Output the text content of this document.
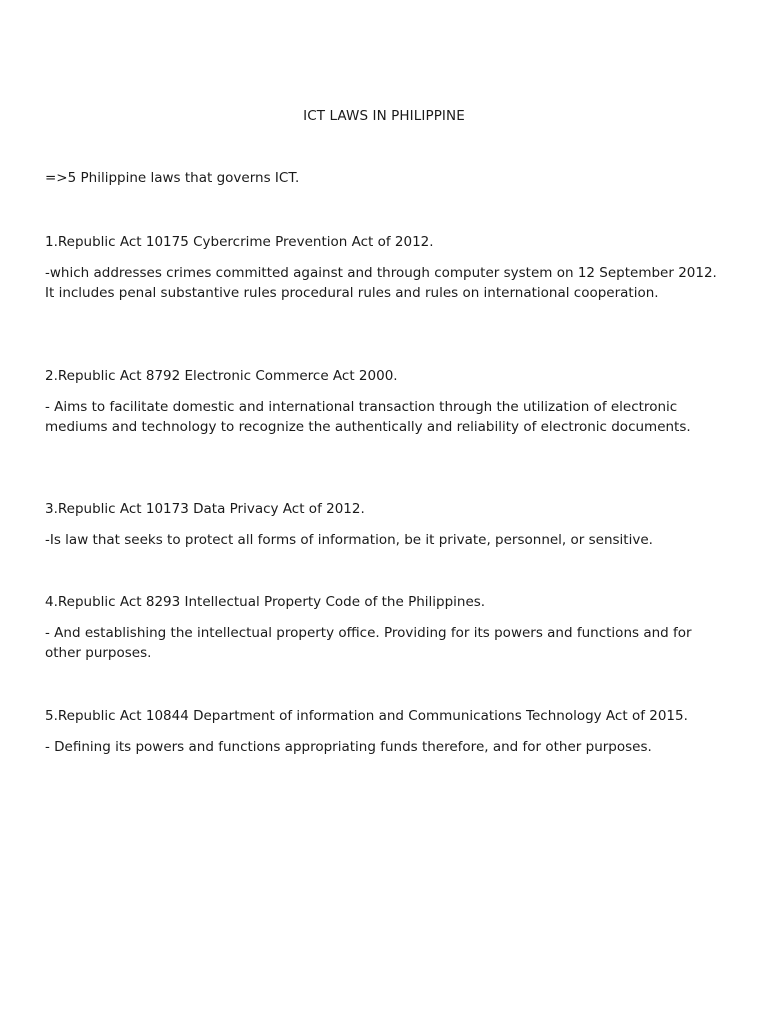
ICT LAWS IN PHILIPPINE
=>5 Philippine laws that governs ICT.

1.Republic Act 10175 Cybercrime Prevention Act of 2012.

-which addresses crimes committed against and through computer system on 12 September 2012. It includes penal substantive rules procedural rules and rules on international cooperation.

2.Republic Act 8792 Electronic Commerce Act 2000.

- Aims to facilitate domestic and international transaction through the utilization of electronic mediums and technology to recognize the authentically and reliability of electronic documents.

3.Republic Act 10173 Data Privacy Act of 2012.

-Is law that seeks to protect all forms of information, be it private, personnel, or sensitive.

4.Republic Act 8293 Intellectual Property Code of the Philippines.

- And establishing the intellectual property office. Providing for its powers and functions and for other purposes.

5.Republic Act 10844 Department of information and Communications Technology Act of 2015.

- Defining its powers and functions appropriating funds therefore, and for other purposes.
